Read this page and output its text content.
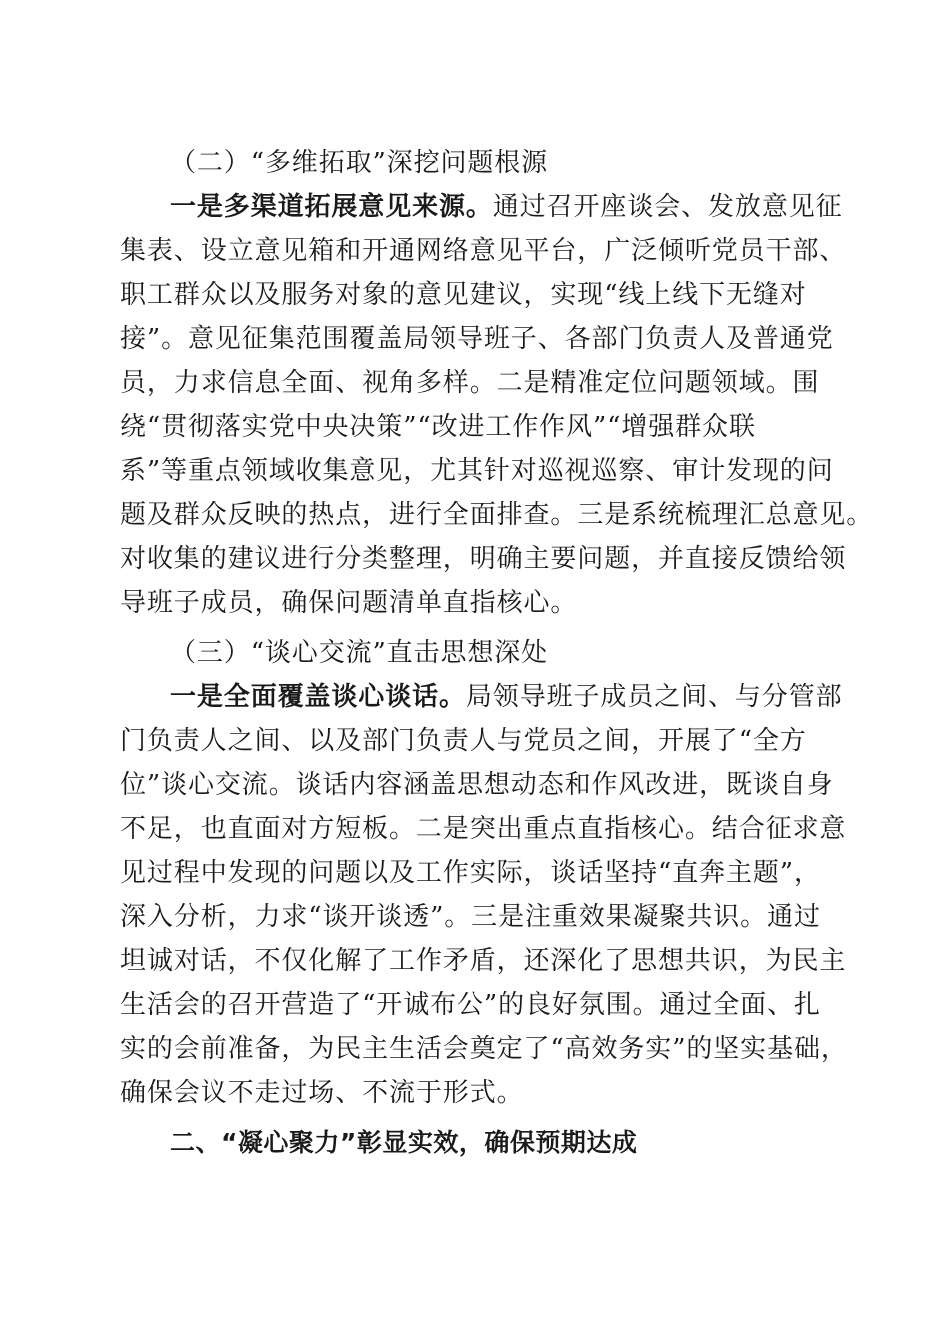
（二）“多维拓取”深挖问题根源
一是多渠道拓展意见来源。通过召开座谈会、发放意见征
集表、设立意见箱和开通网络意见平台，广泛倾听党员干部、
职工群众以及服务对象的意见建议，实现“线上线下无缝对
接”。意见征集范围覆盖局领导班子、各部门负责人及普通党
员，力求信息全面、视角多样。二是精准定位问题领域。围
绕“贯彻落实党中央决策”“改进工作作风”“增强群众联
系”等重点领域收集意见，尤其针对巡视巡察、审计发现的问
题及群众反映的热点，进行全面排查。三是系统梳理汇总意见。
对收集的建议进行分类整理，明确主要问题，并直接反馈给领
导班子成员，确保问题清单直指核心。
（三）“谈心交流”直击思想深处
一是全面覆盖谈心谈话。局领导班子成员之间、与分管部
门负责人之间、以及部门负责人与党员之间，开展了“全方
位”谈心交流。谈话内容涵盖思想动态和作风改进，既谈自身
不足，也直面对方短板。二是突出重点直指核心。结合征求意
见过程中发现的问题以及工作实际，谈话坚持“直奔主题”，
深入分析，力求“谈开谈透”。三是注重效果凝聚共识。通过
坦诚对话，不仅化解了工作矛盾，还深化了思想共识，为民主
生活会的召开营造了“开诚布公”的良好氛围。通过全面、扎
实的会前准备，为民主生活会奠定了“高效务实”的坚实基础，
确保会议不走过场、不流于形式。
二、“凝心聚力”彰显实效，确保预期达成
